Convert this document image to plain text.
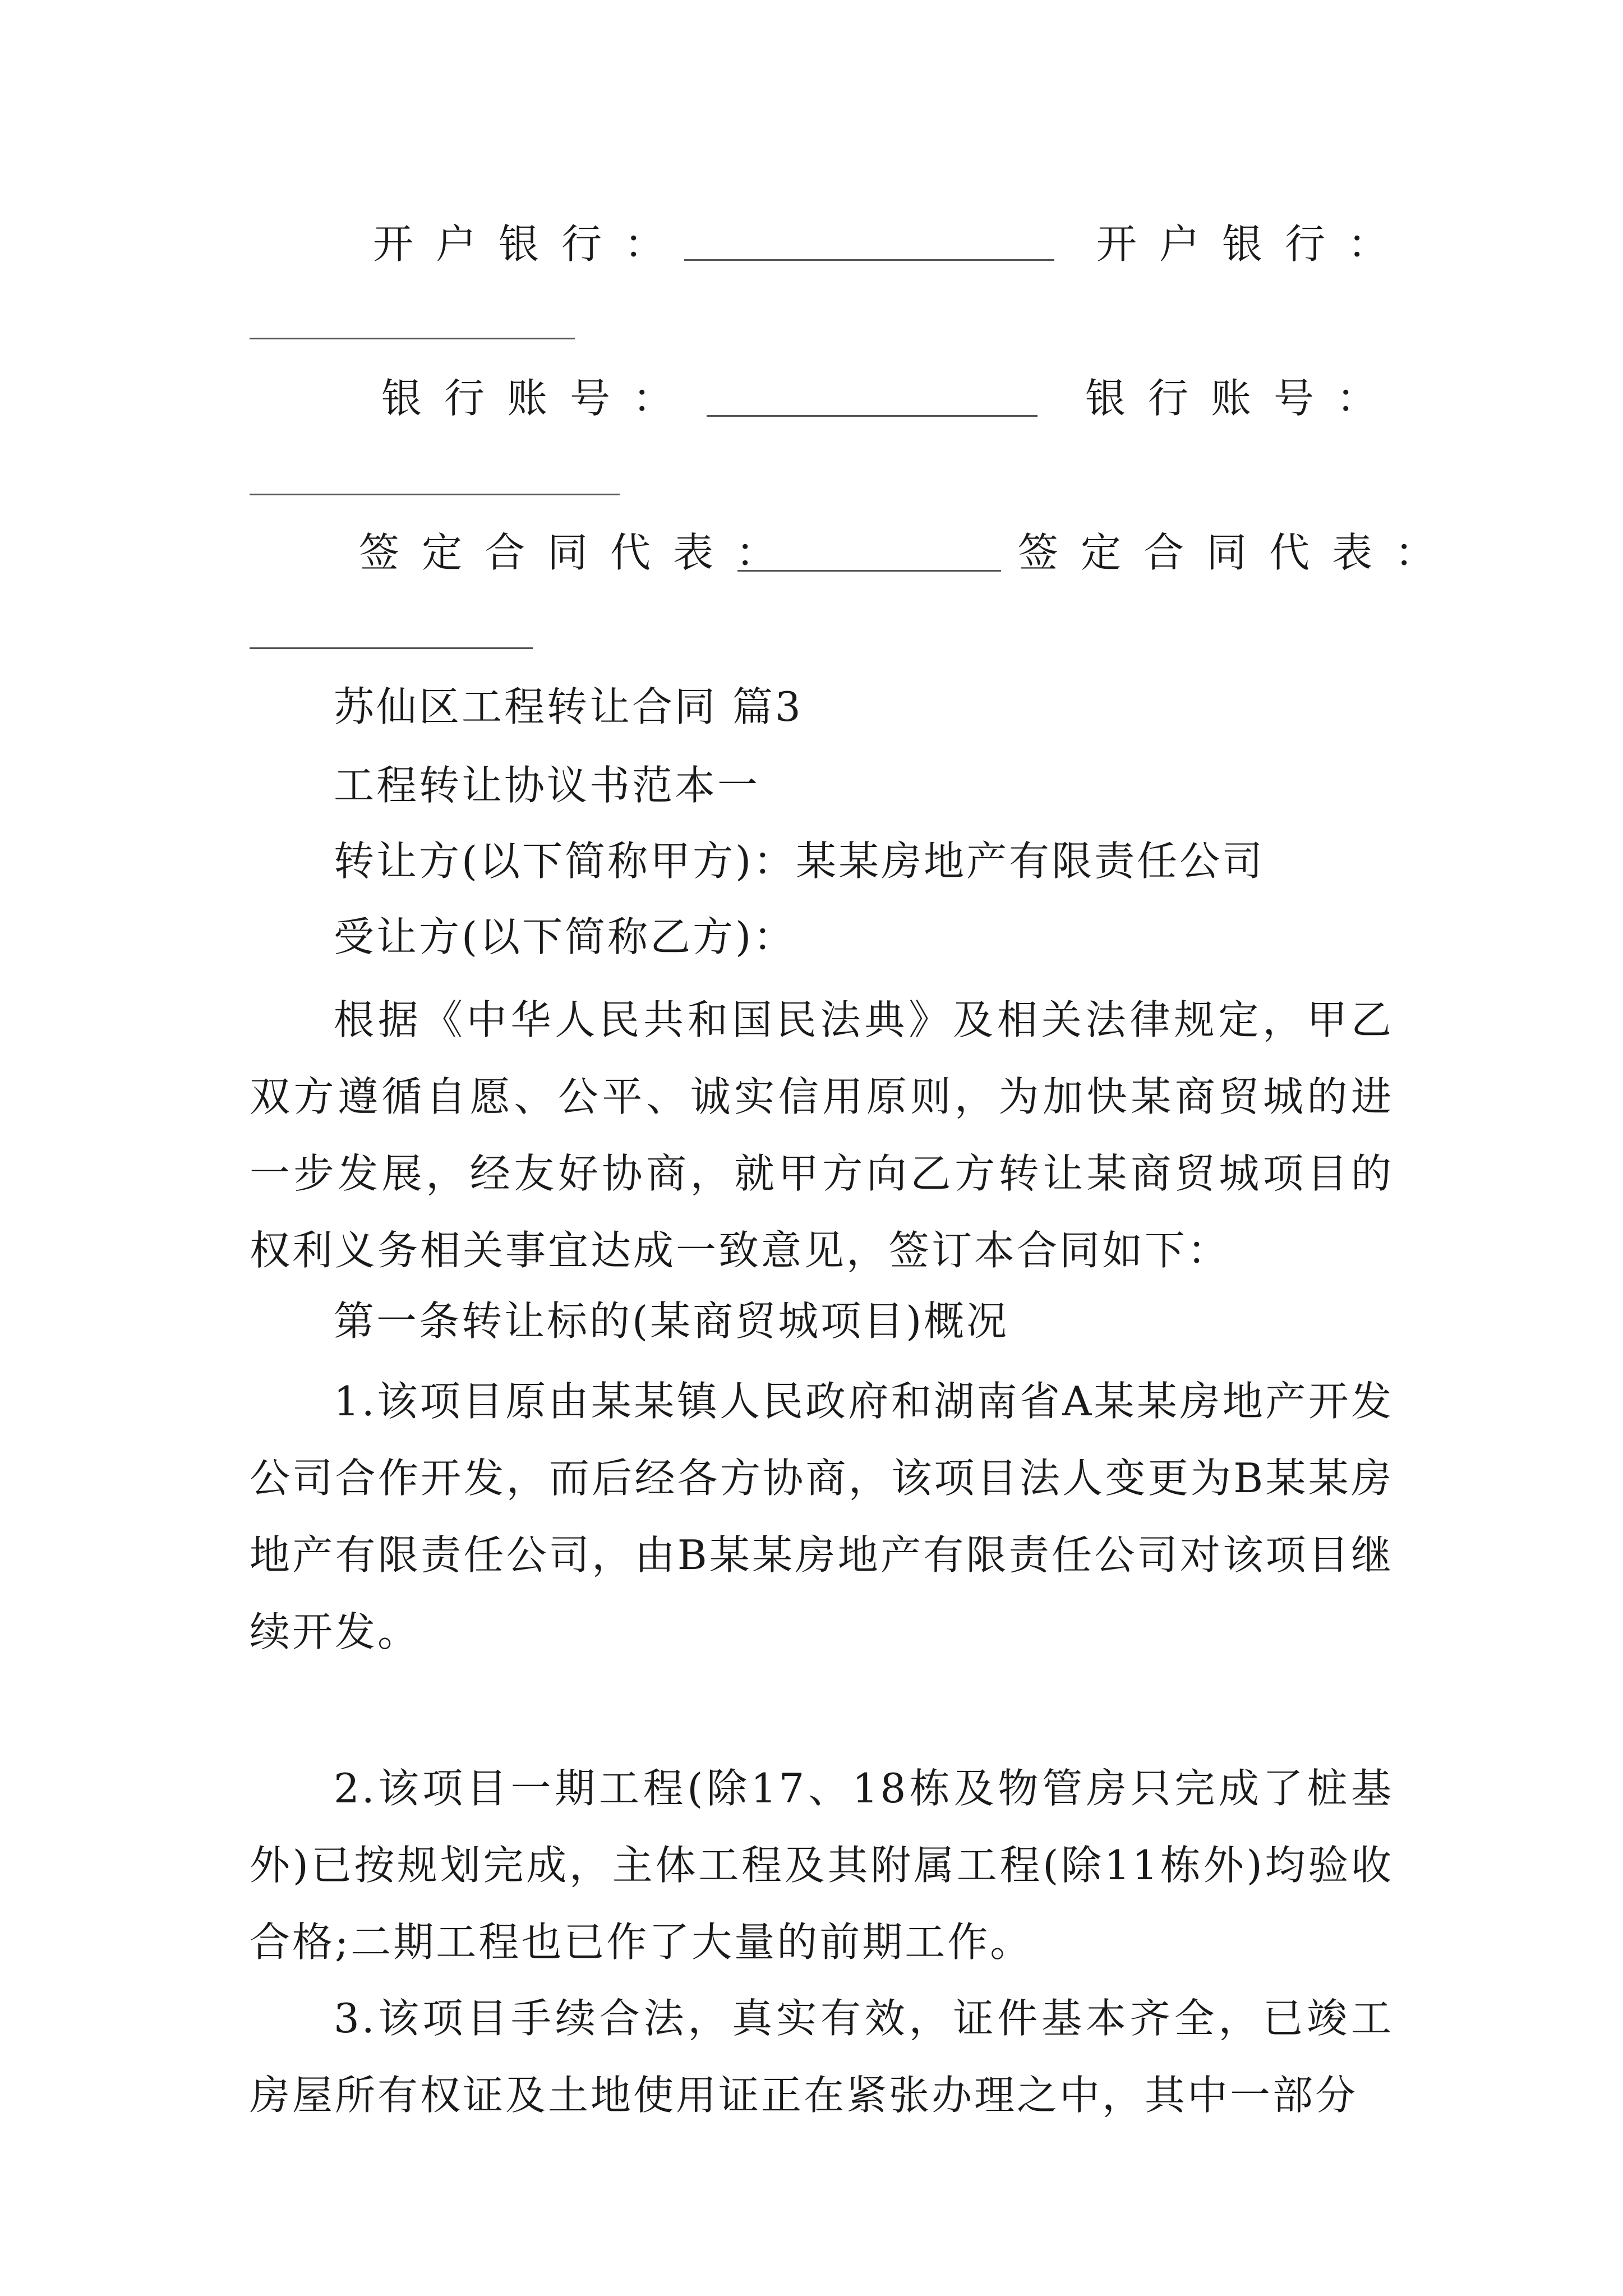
开户银行：	开户银行：
银行账号：	银行账号：
签定合同代表：	签定合同代表：
苏仙区工程转让合同 篇3
工程转让协议书范本一
转让方(以下简称甲方)：某某房地产有限责任公司
受让方(以下简称乙方)：
根据《中华人民共和国民法典》及相关法律规定，甲乙双方遵循自愿、公平、诚实信用原则，为加快某商贸城的进一步发展，经友好协商，就甲方向乙方转让某商贸城项目的权利义务相关事宜达成一致意见，签订本合同如下：
第一条转让标的(某商贸城项目)概况
1.该项目原由某某镇人民政府和湖南省A某某房地产开发公司合作开发，而后经各方协商，该项目法人变更为B某某房地产有限责任公司，由B某某房地产有限责任公司对该项目继续开发。
2.该项目一期工程(除17、18栋及物管房只完成了桩基外)已按规划完成，主体工程及其附属工程(除11栋外)均验收合格;二期工程也已作了大量的前期工作。
3.该项目手续合法，真实有效，证件基本齐全，已竣工房屋所有权证及土地使用证正在紧张办理之中，其中一部分
